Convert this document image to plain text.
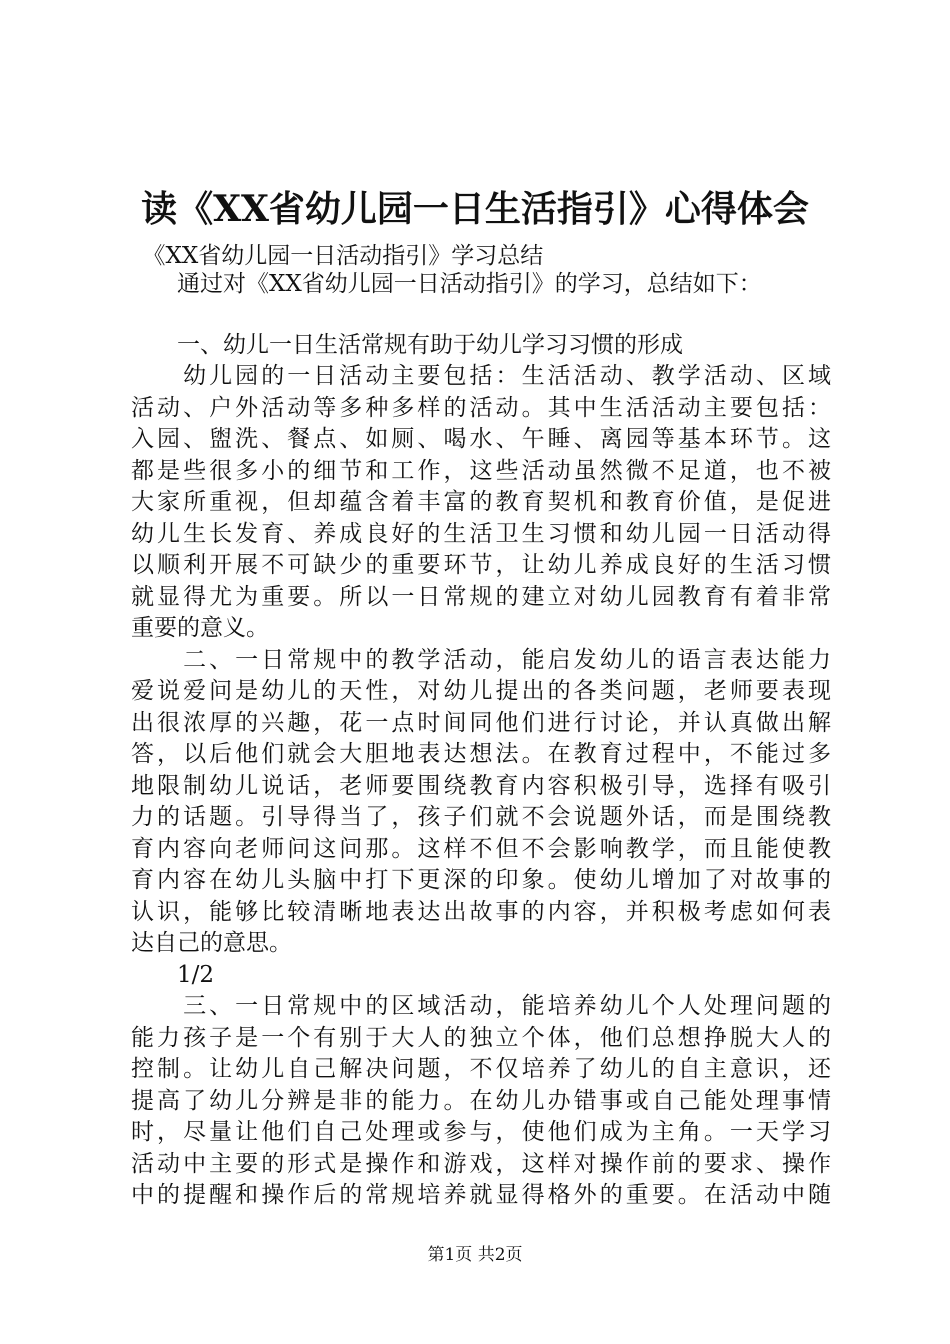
读《XX省幼儿园一日生活指引》心得体会
　《XX省幼儿园一日活动指引》学习总结
　　通过对《XX省幼儿园一日活动指引》的学习，总结如下：
　　一、幼儿一日生活常规有助于幼儿学习习惯的形成
　　幼儿园的一日活动主要包括：生活活动、教学活动、区域
活动、户外活动等多种多样的活动。其中生活活动主要包括：
入园、盥洗、餐点、如厕、喝水、午睡、离园等基本环节。这
都是些很多小的细节和工作，这些活动虽然微不足道，也不被
大家所重视，但却蕴含着丰富的教育契机和教育价值，是促进
幼儿生长发育、养成良好的生活卫生习惯和幼儿园一日活动得
以顺利开展不可缺少的重要环节，让幼儿养成良好的生活习惯
就显得尤为重要。所以一日常规的建立对幼儿园教育有着非常
重要的意义。
　　二、一日常规中的教学活动，能启发幼儿的语言表达能力
爱说爱问是幼儿的天性，对幼儿提出的各类问题，老师要表现
出很浓厚的兴趣，花一点时间同他们进行讨论，并认真做出解
答，以后他们就会大胆地表达想法。在教育过程中，不能过多
地限制幼儿说话，老师要围绕教育内容积极引导，选择有吸引
力的话题。引导得当了，孩子们就不会说题外话，而是围绕教
育内容向老师问这问那。这样不但不会影响教学，而且能使教
育内容在幼儿头脑中打下更深的印象。使幼儿增加了对故事的
认识，能够比较清晰地表达出故事的内容，并积极考虑如何表
达自己的意思。
　　1/2
　　三、一日常规中的区域活动，能培养幼儿个人处理问题的
能力孩子是一个有别于大人的独立个体，他们总想挣脱大人的
控制。让幼儿自己解决问题，不仅培养了幼儿的自主意识，还
提高了幼儿分辨是非的能力。在幼儿办错事或自己能处理事情
时，尽量让他们自己处理或参与，使他们成为主角。一天学习
活动中主要的形式是操作和游戏，这样对操作前的要求、操作
中的提醒和操作后的常规培养就显得格外的重要。在活动中随
第1页 共2页
